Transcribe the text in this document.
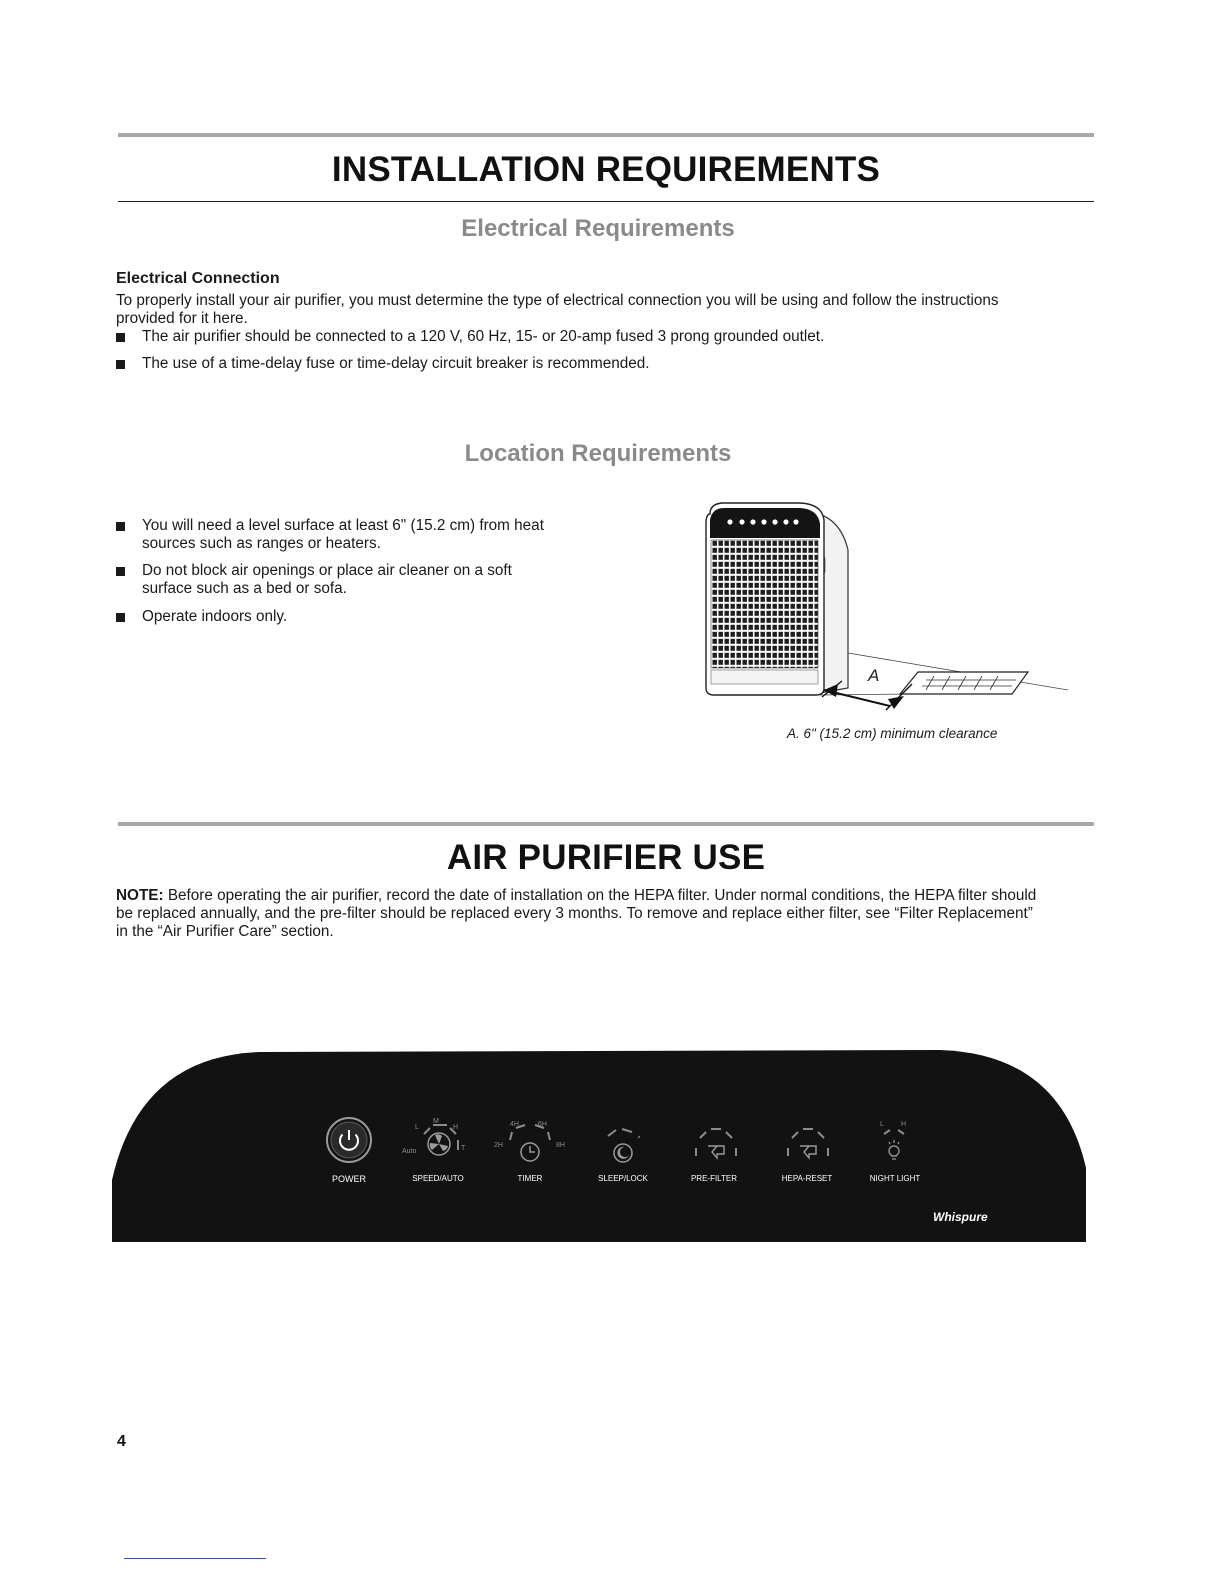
INSTALLATION REQUIREMENTS
Electrical Requirements
Electrical Connection
To properly install your air purifier, you must determine the type of electrical connection you will be using and follow the instructions
provided for it here.
The air purifier should be connected to a 120 V, 60 Hz, 15- or 20-amp fused 3 prong grounded outlet.
The use of a time-delay fuse or time-delay circuit breaker is recommended.
Location Requirements
You will need a level surface at least 6" (15.2 cm) from heat
sources such as ranges or heaters.
Do not block air openings or place air cleaner on a soft
surface such as a bed or sofa.
Operate indoors only.
A
A. 6" (15.2 cm) minimum clearance
AIR PURIFIER USE
NOTE: Before operating the air purifier, record the date of installation on the HEPA filter. Under normal conditions, the HEPA filter should
be replaced annually, and the pre-filter should be replaced every 3 months. To remove and replace either filter, see “Filter Replacement”
in the “Air Purifier Care” section.
L
M
H
Auto	T	2H
4H	6H
8H
L H
POWER	SPEED/AUTO	TIMER	SLEEP/LOCK	PRE-FILTER	HEPA-RESET	NIGHT LIGHT
Whispure
4
